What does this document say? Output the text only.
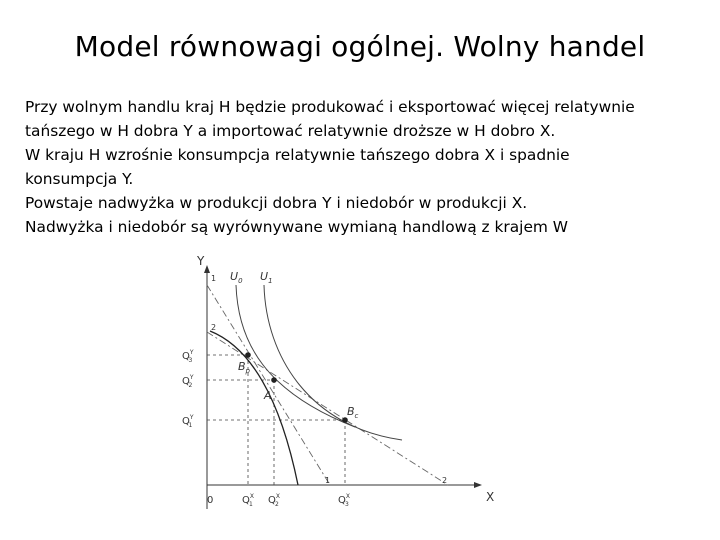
Model równowagi ogólnej. Wolny handel
Przy wolnym handlu kraj H będzie produkować i eksportować więcej relatywnie
tańszego w H dobra Y a importować relatywnie droższe w H dobro X.
W kraju H wzrośnie konsumpcja relatywnie tańszego dobra X i spadnie
konsumpcja Y.
Powstaje nadwyżka w produkcji dobra Y i niedobór w produkcji X.
Nadwyżka i niedobór są wyrównywane wymianą handlową z krajem W
Y
X
0
$U_0$ $U_1$
$B_p$
A
$B_c$
1
2
1	2
$Q^Y$ 3
$Q^Y$ 2
$Q^Y$ 1
$Q^X$ 1 $Q^X$ 2	$Q^X$ 3
